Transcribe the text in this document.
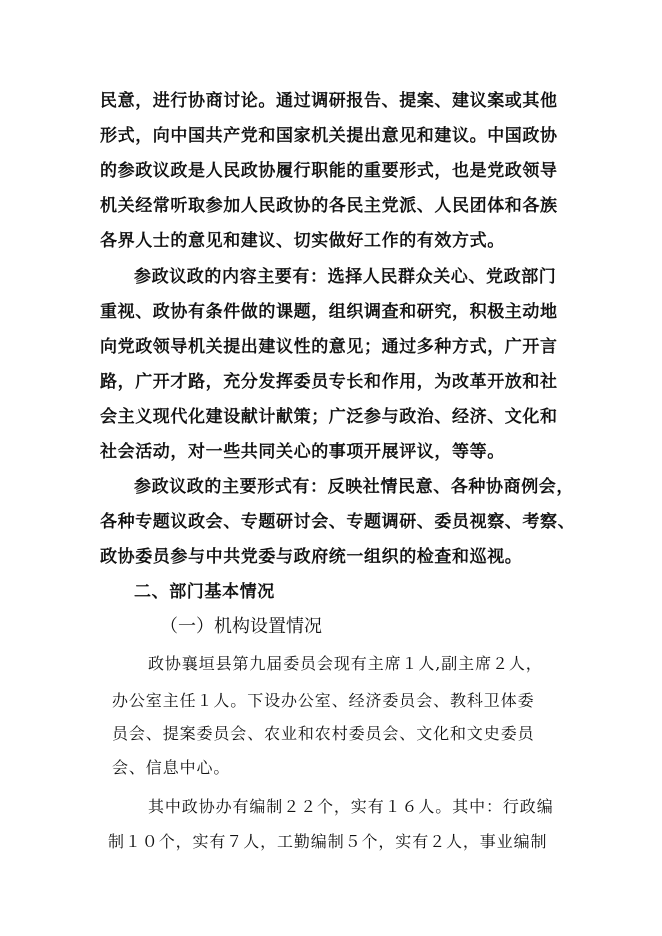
民意，进行协商讨论。通过调研报告、提案、建议案或其他

形式，向中国共产党和国家机关提出意见和建议。中国政协

的参政议政是人民政协履行职能的重要形式，也是党政领导

机关经常听取参加人民政协的各民主党派、人民团体和各族

各界人士的意见和建议、切实做好工作的有效方式。

参政议政的内容主要有：选择人民群众关心、党政部门

重视、政协有条件做的课题，组织调查和研究，积极主动地

向党政领导机关提出建议性的意见；通过多种方式，广开言

路，广开才路，充分发挥委员专长和作用，为改革开放和社

会主义现代化建设献计献策；广泛参与政治、经济、文化和

社会活动，对一些共同关心的事项开展评议，等等。

参政议政的主要形式有：反映社情民意、各种协商例会，

各种专题议政会、专题研讨会、专题调研、委员视察、考察、

政协委员参与中共党委与政府统一组织的检查和巡视。

二、部门基本情况

（一）机构设置情况

政协襄垣县第九届委员会现有主席１人,副主席２人，

办公室主任１人。下设办公室、经济委员会、教科卫体委

员会、提案委员会、农业和农村委员会、文化和文史委员

会、信息中心。

其中政协办有编制２２个，实有１６人。其中：行政编

制１０个，实有７人，工勤编制５个，实有２人，事业编制
